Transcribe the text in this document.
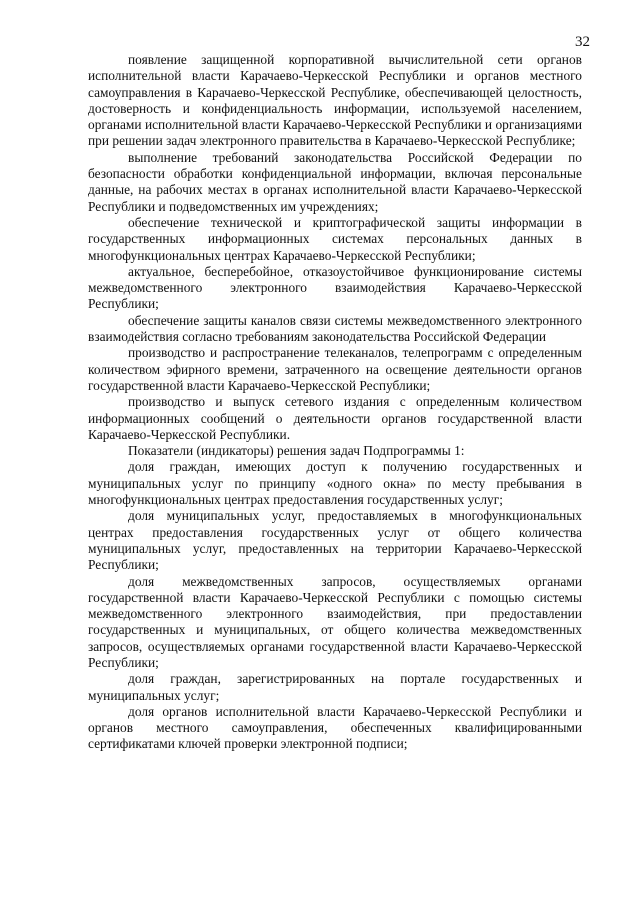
32

появление защищенной корпоративной вычислительной сети органов исполнительной власти Карачаево-Черкесской Республики и органов местного самоуправления в Карачаево-Черкесской Республике, обеспечивающей целостность, достоверность и конфиденциальность информации, используемой населением, органами исполнительной власти Карачаево-Черкесской Республики и организациями при решении задач электронного правительства в Карачаево-Черкесской Республике;

выполнение требований законодательства Российской Федерации по безопасности обработки конфиденциальной информации, включая персональные данные, на рабочих местах в органах исполнительной власти Карачаево-Черкесской Республики и подведомственных им учреждениях;

обеспечение технической и криптографической защиты информации в государственных информационных системах персональных данных в многофункциональных центрах Карачаево-Черкесской Республики;

актуальное, бесперебойное, отказоустойчивое функционирование системы межведомственного электронного взаимодействия Карачаево-Черкесской Республики;

обеспечение защиты каналов связи системы межведомственного электронного взаимодействия согласно требованиям законодательства Российской Федерации

производство и распространение телеканалов, телепрограмм с определенным количеством эфирного времени, затраченного на освещение деятельности органов государственной власти Карачаево-Черкесской Республики;

производство и выпуск сетевого издания с определенным количеством информационных сообщений о деятельности органов государственной власти Карачаево-Черкесской Республики.

Показатели (индикаторы) решения задач Подпрограммы 1:

доля граждан, имеющих доступ к получению государственных и муниципальных услуг по принципу «одного окна» по месту пребывания в многофункциональных центрах предоставления государственных услуг;

доля муниципальных услуг, предоставляемых в многофункциональных центрах предоставления государственных услуг от общего количества муниципальных услуг, предоставленных на территории Карачаево-Черкесской Республики;

доля межведомственных запросов, осуществляемых органами государственной власти Карачаево-Черкесской Республики с помощью системы межведомственного электронного взаимодействия, при предоставлении государственных и муниципальных, от общего количества межведомственных запросов, осуществляемых органами государственной власти Карачаево-Черкесской Республики;

доля граждан, зарегистрированных на портале государственных и муниципальных услуг;

доля органов исполнительной власти Карачаево-Черкесской Республики и органов местного самоуправления, обеспеченных квалифицированными сертификатами ключей проверки электронной подписи;
